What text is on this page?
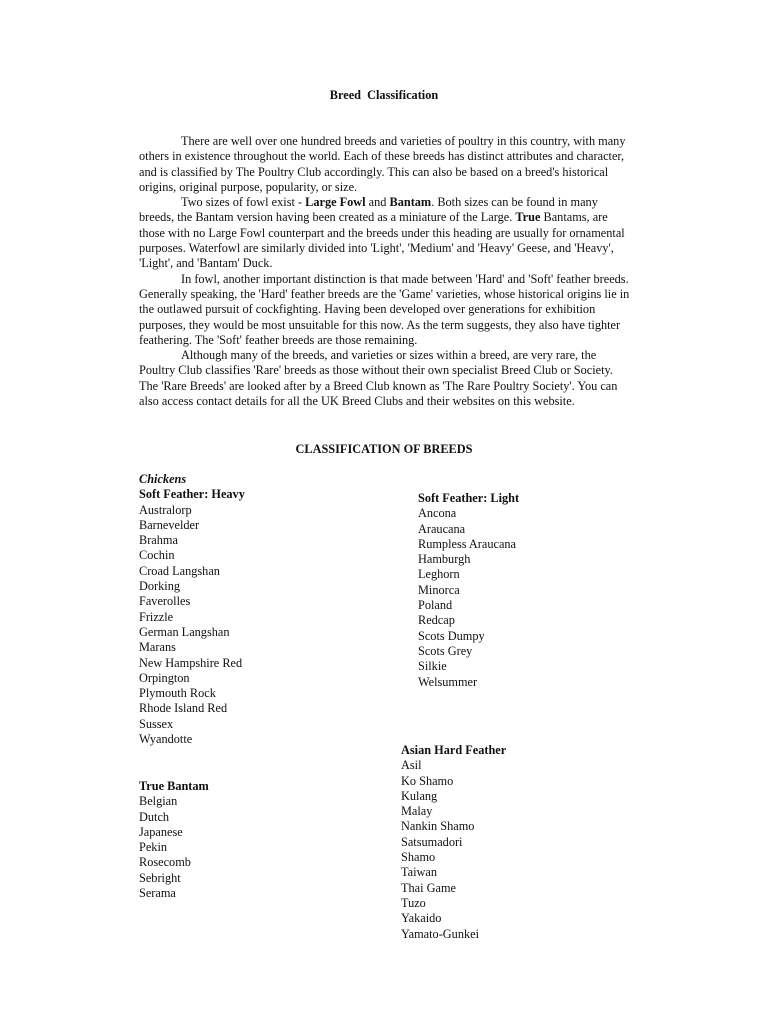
Breed  Classification

There are well over one hundred breeds and varieties of poultry in this country, with many others in existence throughout the world. Each of these breeds has distinct attributes and character, and is classified by The Poultry Club accordingly. This can also be based on a breed's historical origins, original purpose, popularity, or size.

Two sizes of fowl exist - Large Fowl and Bantam. Both sizes can be found in many breeds, the Bantam version having been created as a miniature of the Large. True Bantams, are those with no Large Fowl counterpart and the breeds under this heading are usually for ornamental purposes. Waterfowl are similarly divided into 'Light', 'Medium' and 'Heavy' Geese, and 'Heavy', 'Light', and 'Bantam' Duck.

In fowl, another important distinction is that made between 'Hard' and 'Soft' feather breeds. Generally speaking, the 'Hard' feather breeds are the 'Game' varieties, whose historical origins lie in the outlawed pursuit of cockfighting. Having been developed over generations for exhibition purposes, they would be most unsuitable for this now. As the term suggests, they also have tighter feathering. The 'Soft' feather breeds are those remaining.

Although many of the breeds, and varieties or sizes within a breed, are very rare, the Poultry Club classifies 'Rare' breeds as those without their own specialist Breed Club or Society. The 'Rare Breeds' are looked after by a Breed Club known as 'The Rare Poultry Society'. You can also access contact details for all the UK Breed Clubs and their websites on this website.

CLASSIFICATION OF BREEDS
Chickens
Soft Feather: Heavy
Australorp
Barnevelder
Brahma
Cochin
Croad Langshan
Dorking
Faverolles
Frizzle
German Langshan
Marans
New Hampshire Red
Orpington
Plymouth Rock
Rhode Island Red
Sussex
Wyandotte
True Bantam
Belgian
Dutch
Japanese
Pekin
Rosecomb
Sebright
Serama
Soft Feather: Light
Ancona
Araucana
Rumpless Araucana
Hamburgh
Leghorn
Minorca
Poland
Redcap
Scots Dumpy
Scots Grey
Silkie
Welsummer
Asian Hard Feather
Asil
Ko Shamo
Kulang
Malay
Nankin Shamo
Satsumadori
Shamo
Taiwan
Thai Game
Tuzo
Yakaido
Yamato-Gunkei
